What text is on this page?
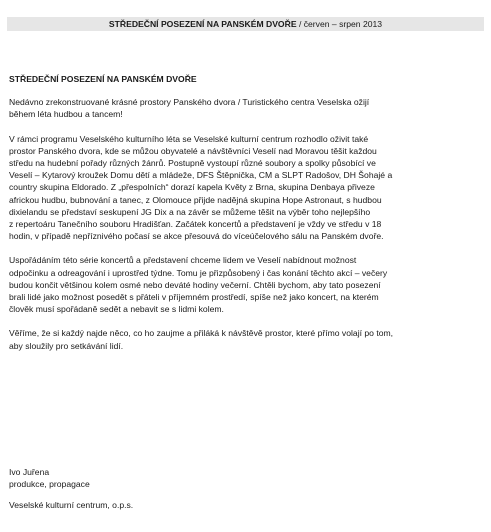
STŘEDEČNÍ POSEZENÍ NA PANSKÉM DVOŘE / červen – srpen 2013
STŘEDEČNÍ POSEZENÍ NA PANSKÉM DVOŘE

Nedávno zrekonstruované krásné prostory Panského dvora / Turistického centra Veselska ožijí
během léta hudbou a tancem!

V rámci programu Veselského kulturního léta se Veselské kulturní centrum rozhodlo oživit také
prostor Panského dvora, kde se můžou obyvatelé a návštěvníci Veselí nad Moravou těšit každou
středu na hudební pořady různých žánrů. Postupně vystoupí různé soubory a spolky působící ve
Veselí – Kytarový kroužek Domu dětí a mládeže, DFS Štěpnička, CM a SLPT Radošov, DH Šohajé a
country skupina Eldorado. Z „přespolních“ dorazí kapela Květy z Brna, skupina Denbaya přiveze
africkou hudbu, bubnování a tanec, z Olomouce přijde nadějná skupina Hope Astronaut, s hudbou
dixielandu se představí seskupení JG Dix a na závěr se můžeme těšit na výběr toho nejlepšího
z repertoáru Tanečního souboru Hradišťan. Začátek koncertů a představení je vždy ve středu v 18
hodin, v případě nepříznivého počasí se akce přesouvá do víceúčelového sálu na Panském dvoře.

Uspořádáním této série koncertů a představení chceme lidem ve Veselí nabídnout možnost
odpočinku a odreagování i uprostřed týdne. Tomu je přizpůsobený i čas konání těchto akcí – večery
budou končit většinou kolem osmé nebo deváté hodiny večerní. Chtěli bychom, aby tato posezení
brali lidé jako možnost posedět s přáteli v příjemném prostředí, spíše než jako koncert, na kterém
člověk musí spořádaně sedět a nebavit se s lidmi kolem.

Věříme, že si každý najde něco, co ho zaujme a přiláká k návštěvě prostor, které přímo volají po tom,
aby sloužily pro setkávání lidí.

Ivo Juřena
produkce, propagace
Veselské kulturní centrum, o.p.s.
